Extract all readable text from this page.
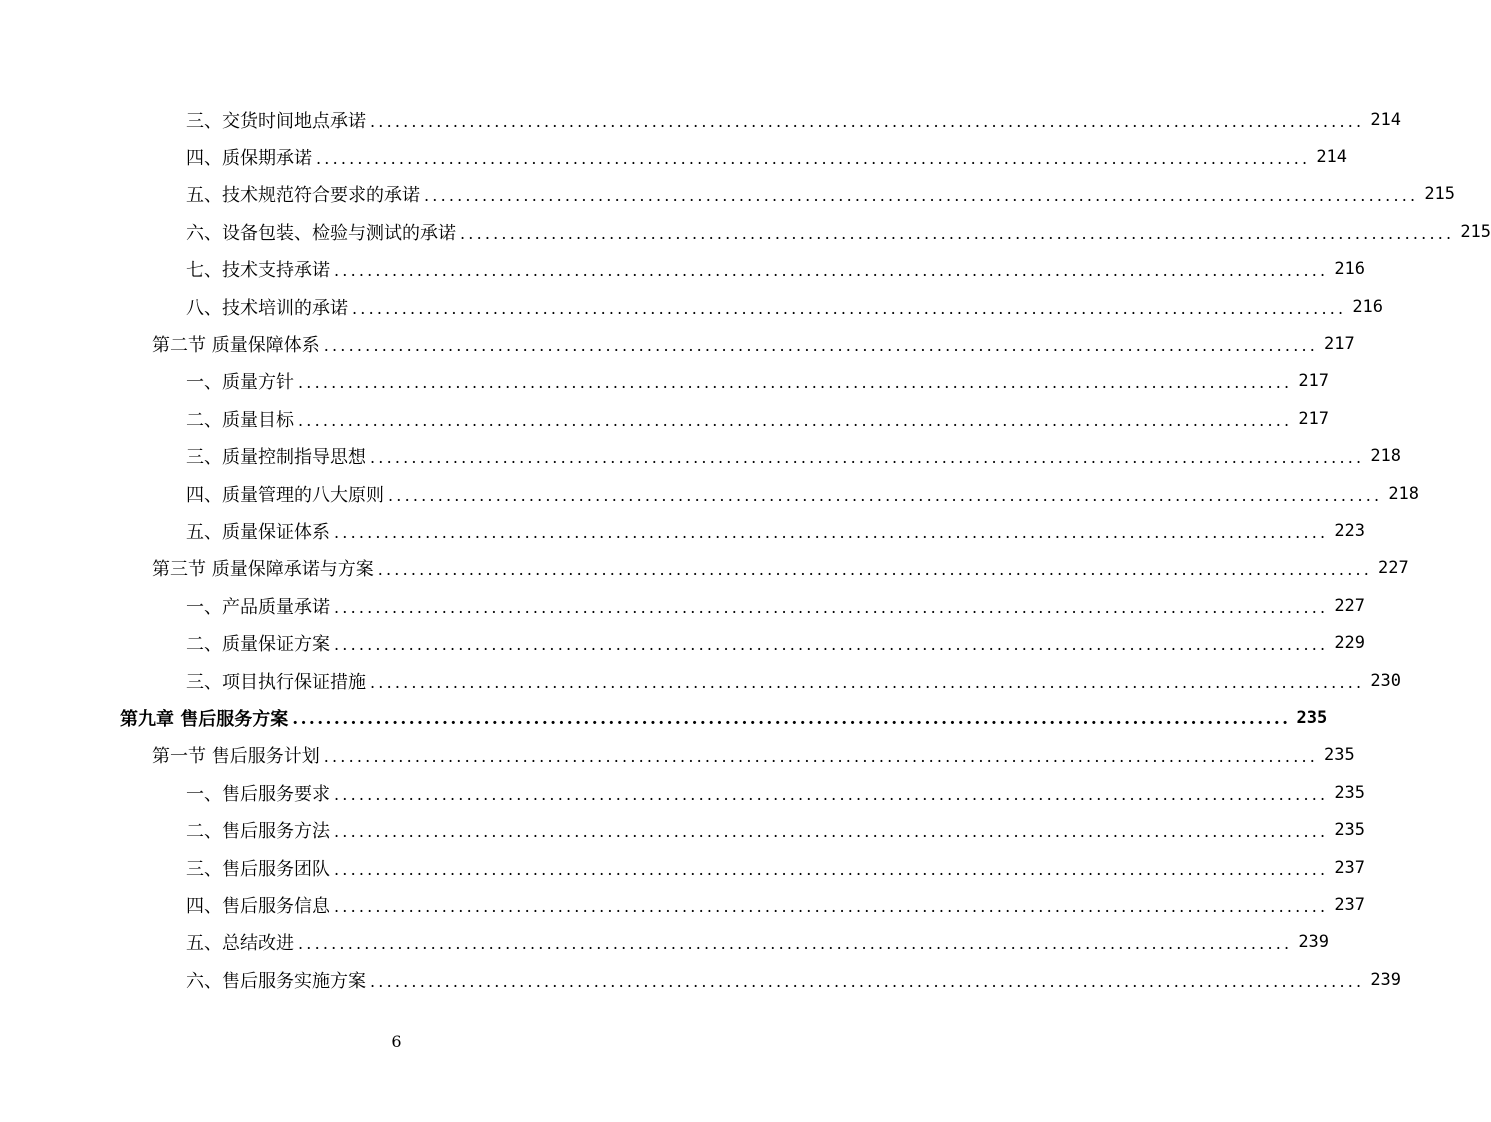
三、交货时间地点承诺 ........................................................................................................................ 214
四、质保期承诺 ........................................................................................................................ 214
五、技术规范符合要求的承诺 ........................................................................................................................ 215
六、设备包装、检验与测试的承诺 ........................................................................................................................ 215
七、技术支持承诺 ........................................................................................................................ 216
八、技术培训的承诺 ........................................................................................................................ 216
第二节 质量保障体系 ........................................................................................................................ 217
一、质量方针 ........................................................................................................................ 217
二、质量目标 ........................................................................................................................ 217
三、质量控制指导思想 ........................................................................................................................ 218
四、质量管理的八大原则 ........................................................................................................................ 218
五、质量保证体系 ........................................................................................................................ 223
第三节 质量保障承诺与方案 ........................................................................................................................ 227
一、产品质量承诺 ........................................................................................................................ 227
二、质量保证方案 ........................................................................................................................ 229
三、项目执行保证措施 ........................................................................................................................ 230
第九章 售后服务方案 ........................................................................................................................ 235
第一节 售后服务计划 ........................................................................................................................ 235
一、售后服务要求 ........................................................................................................................ 235
二、售后服务方法 ........................................................................................................................ 235
三、售后服务团队 ........................................................................................................................ 237
四、售后服务信息 ........................................................................................................................ 237
五、总结改进 ........................................................................................................................ 239
六、售后服务实施方案 ........................................................................................................................ 239
6
